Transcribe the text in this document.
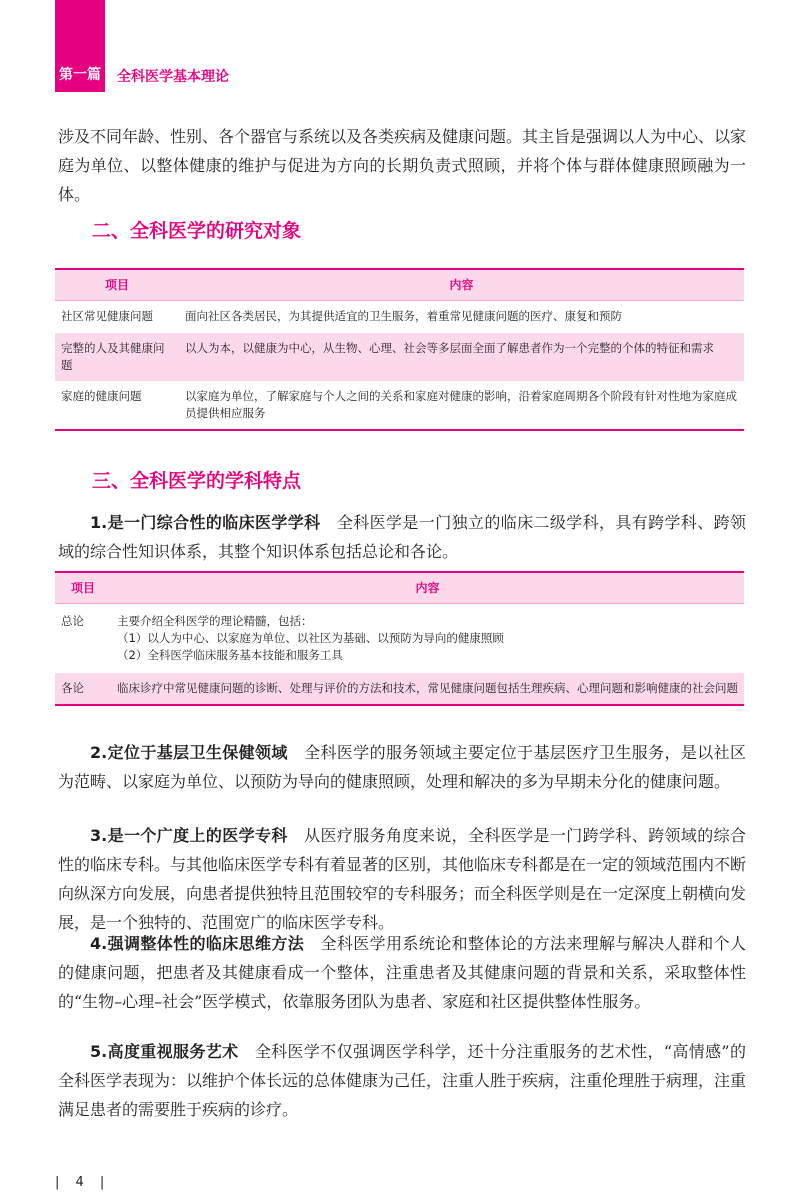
第一篇 全科医学基本理论

涉及不同年龄、性别、各个器官与系统以及各类疾病及健康问题。其主旨是强调以人为中心、以家庭为单位、以整体健康的维护与促进为方向的长期负责式照顾，并将个体与群体健康照顾融为一体。

二、全科医学的研究对象
项目	内容
社区常见健康问题	面向社区各类居民，为其提供适宜的卫生服务，着重常见健康问题的医疗、康复和预防
完整的人及其健康问题	以人为本，以健康为中心，从生物、心理、社会等多层面全面了解患者作为一个完整的个体的特征和需求
家庭的健康问题	以家庭为单位，了解家庭与个人之间的关系和家庭对健康的影响，沿着家庭周期各个阶段有针对性地为家庭成员提供相应服务
三、全科医学的学科特点

1.是一门综合性的临床医学学科 全科医学是一门独立的临床二级学科，具有跨学科、跨领域的综合性知识体系，其整个知识体系包括总论和各论。

项目	内容
总论	主要介绍全科医学的理论精髓，包括：
（1）以人为中心、以家庭为单位、以社区为基础、以预防为导向的健康照顾
（2）全科医学临床服务基本技能和服务工具

各论	临床诊疗中常见健康问题的诊断、处理与评价的方法和技术，常见健康问题包括生理疾病、心理问题和影响健康的社会问题

2.定位于基层卫生保健领域 全科医学的服务领域主要定位于基层医疗卫生服务，是以社区为范畴、以家庭为单位、以预防为导向的健康照顾，处理和解决的多为早期未分化的健康问题。

3.是一个广度上的医学专科 从医疗服务角度来说，全科医学是一门跨学科、跨领域的综合性的临床专科。与其他临床医学专科有着显著的区别，其他临床专科都是在一定的领域范围内不断向纵深方向发展，向患者提供独特且范围较窄的专科服务；而全科医学则是在一定深度上朝横向发展，是一个独特的、范围宽广的临床医学专科。

4.强调整体性的临床思维方法 全科医学用系统论和整体论的方法来理解与解决人群和个人的健康问题，把患者及其健康看成一个整体，注重患者及其健康问题的背景和关系，采取整体性的“生物–心理–社会”医学模式，依靠服务团队为患者、家庭和社区提供整体性服务。

5.高度重视服务艺术 全科医学不仅强调医学科学，还十分注重服务的艺术性，“高情感”的全科医学表现为：以维护个体长远的总体健康为己任，注重人胜于疾病，注重伦理胜于病理，注重满足患者的需要胜于疾病的诊疗。

| 4 |
